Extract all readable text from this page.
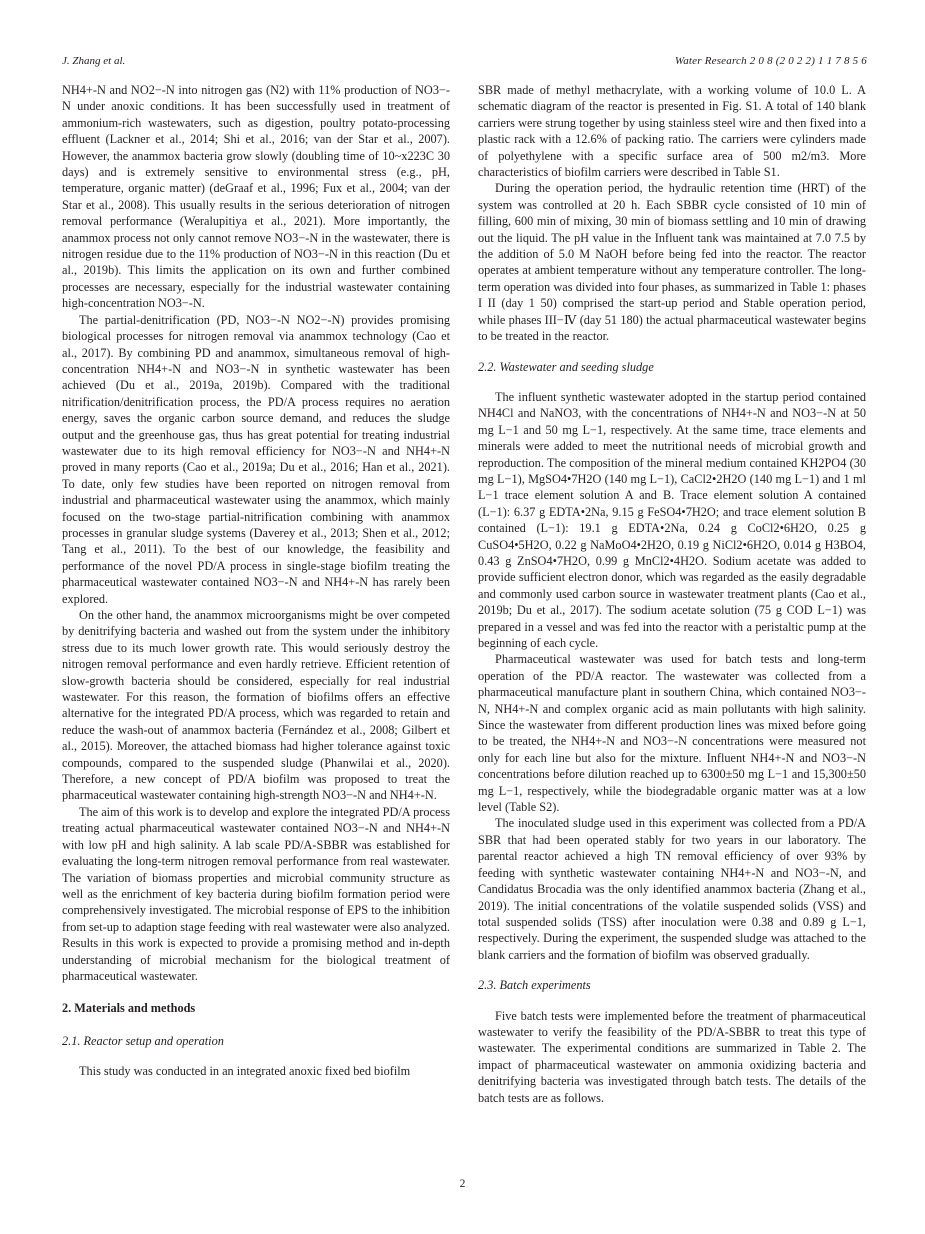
J. Zhang et al.	Water Research 2 0 8 (2 0 2 2) 1 1 7 8 5 6

NH4+-N and NO2−-N into nitrogen gas (N2) with 11% production of NO3−-N under anoxic conditions. It has been successfully used in treatment of ammonium-rich wastewaters, such as digestion, poultry potato-processing effluent (Lackner et al., 2014; Shi et al., 2016; van der Star et al., 2007). However, the anammox bacteria grow slowly (doubling time of 10~x223C 30 days) and is extremely sensitive to environmental stress (e.g., pH, temperature, organic matter) (deGraaf et al., 1996; Fux et al., 2004; van der Star et al., 2008). This usually results in the serious deterioration of nitrogen removal performance (Weralupitiya et al., 2021). More importantly, the anammox process not only cannot remove NO3−-N in the wastewater, there is nitrogen residue due to the 11% production of NO3−-N in this reaction (Du et al., 2019b). This limits the application on its own and further combined processes are necessary, especially for the industrial wastewater containing high-concentration NO3−-N.

The partial-denitrification (PD, NO3−-N NO2−-N) provides promising biological processes for nitrogen removal via anammox technology (Cao et al., 2017). By combining PD and anammox, simultaneous removal of high-concentration NH4+-N and NO3−-N in synthetic wastewater has been achieved (Du et al., 2019a, 2019b). Compared with the traditional nitrification/denitrification process, the PD/A process requires no aeration energy, saves the organic carbon source demand, and reduces the sludge output and the greenhouse gas, thus has great potential for treating industrial wastewater due to its high removal efficiency for NO3−-N and NH4+-N proved in many reports (Cao et al., 2019a; Du et al., 2016; Han et al., 2021). To date, only few studies have been reported on nitrogen removal from industrial and pharmaceutical wastewater using the anammox, which mainly focused on the two-stage partial-nitrification combining with anammox processes in granular sludge systems (Daverey et al., 2013; Shen et al., 2012; Tang et al., 2011). To the best of our knowledge, the feasibility and performance of the novel PD/A process in single-stage biofilm treating the pharmaceutical wastewater contained NO3−-N and NH4+-N has rarely been explored.

On the other hand, the anammox microorganisms might be over competed by denitrifying bacteria and washed out from the system under the inhibitory stress due to its much lower growth rate. This would seriously destroy the nitrogen removal performance and even hardly retrieve. Efficient retention of slow-growth bacteria should be considered, especially for real industrial wastewater. For this reason, the formation of biofilms offers an effective alternative for the integrated PD/A process, which was regarded to retain and reduce the wash-out of anammox bacteria (Fernández et al., 2008; Gilbert et al., 2015). Moreover, the attached biomass had higher tolerance against toxic compounds, compared to the suspended sludge (Phanwilai et al., 2020). Therefore, a new concept of PD/A biofilm was proposed to treat the pharmaceutical wastewater containing high-strength NO3−-N and NH4+-N.

The aim of this work is to develop and explore the integrated PD/A process treating actual pharmaceutical wastewater contained NO3−-N and NH4+-N with low pH and high salinity. A lab scale PD/A-SBBR was established for evaluating the long-term nitrogen removal performance from real wastewater. The variation of biomass properties and microbial community structure as well as the enrichment of key bacteria during biofilm formation period were comprehensively investigated. The microbial response of EPS to the inhibition from set-up to adaption stage feeding with real wastewater were also analyzed. Results in this work is expected to provide a promising method and in-depth understanding of microbial mechanism for the biological treatment of pharmaceutical wastewater.

2. Materials and methods
2.1. Reactor setup and operation

This study was conducted in an integrated anoxic fixed bed biofilm

SBR made of methyl methacrylate, with a working volume of 10.0 L. A schematic diagram of the reactor is presented in Fig. S1. A total of 140 blank carriers were strung together by using stainless steel wire and then fixed into a plastic rack with a 12.6% of packing ratio. The carriers were cylinders made of polyethylene with a specific surface area of 500 m2/m3. More characteristics of biofilm carriers were described in Table S1.

During the operation period, the hydraulic retention time (HRT) of the system was controlled at 20 h. Each SBBR cycle consisted of 10 min of filling, 600 min of mixing, 30 min of biomass settling and 10 min of drawing out the liquid. The pH value in the Influent tank was maintained at 7.0 7.5 by the addition of 5.0 M NaOH before being fed into the reactor. The reactor operates at ambient temperature without any temperature controller. The long-term operation was divided into four phases, as summarized in Table 1: phases I II (day 1 50) comprised the start-up period and Stable operation period, while phases III−Ⅳ (day 51 180) the actual pharmaceutical wastewater begins to be treated in the reactor.

2.2. Wastewater and seeding sludge

The influent synthetic wastewater adopted in the startup period contained NH4Cl and NaNO3, with the concentrations of NH4+-N and NO3−-N at 50 mg L−1 and 50 mg L−1, respectively. At the same time, trace elements and minerals were added to meet the nutritional needs of microbial growth and reproduction. The composition of the mineral medium contained KH2PO4 (30 mg L−1), MgSO4•7H2O (140 mg L−1), CaCl2•2H2O (140 mg L−1) and 1 ml L−1 trace element solution A and B. Trace element solution A contained (L−1): 6.37 g EDTA•2Na, 9.15 g FeSO4•7H2O; and trace element solution B contained (L−1): 19.1 g EDTA•2Na, 0.24 g CoCl2•6H2O, 0.25 g CuSO4•5H2O, 0.22 g NaMoO4•2H2O, 0.19 g NiCl2•6H2O, 0.014 g H3BO4, 0.43 g ZnSO4•7H2O, 0.99 g MnCl2•4H2O. Sodium acetate was added to provide sufficient electron donor, which was regarded as the easily degradable and commonly used carbon source in wastewater treatment plants (Cao et al., 2019b; Du et al., 2017). The sodium acetate solution (75 g COD L−1) was prepared in a vessel and was fed into the reactor with a peristaltic pump at the beginning of each cycle.

Pharmaceutical wastewater was used for batch tests and long-term operation of the PD/A reactor. The wastewater was collected from a pharmaceutical manufacture plant in southern China, which contained NO3−-N, NH4+-N and complex organic acid as main pollutants with high salinity. Since the wastewater from different production lines was mixed before going to be treated, the NH4+-N and NO3−-N concentrations were measured not only for each line but also for the mixture. Influent NH4+-N and NO3−-N concentrations before dilution reached up to 6300±50 mg L−1 and 15,300±50 mg L−1, respectively, while the biodegradable organic matter was at a low level (Table S2).

The inoculated sludge used in this experiment was collected from a PD/A SBR that had been operated stably for two years in our laboratory. The parental reactor achieved a high TN removal efficiency of over 93% by feeding with synthetic wastewater containing NH4+-N and NO3−-N, and Candidatus Brocadia was the only identified anammox bacteria (Zhang et al., 2019). The initial concentrations of the volatile suspended solids (VSS) and total suspended solids (TSS) after inoculation were 0.38 and 0.89 g L−1, respectively. During the experiment, the suspended sludge was attached to the blank carriers and the formation of biofilm was observed gradually.

2.3. Batch experiments

Five batch tests were implemented before the treatment of pharmaceutical wastewater to verify the feasibility of the PD/A-SBBR to treat this type of wastewater. The experimental conditions are summarized in Table 2. The impact of pharmaceutical wastewater on ammonia oxidizing bacteria and denitrifying bacteria was investigated through batch tests. The details of the batch tests are as follows.

2
